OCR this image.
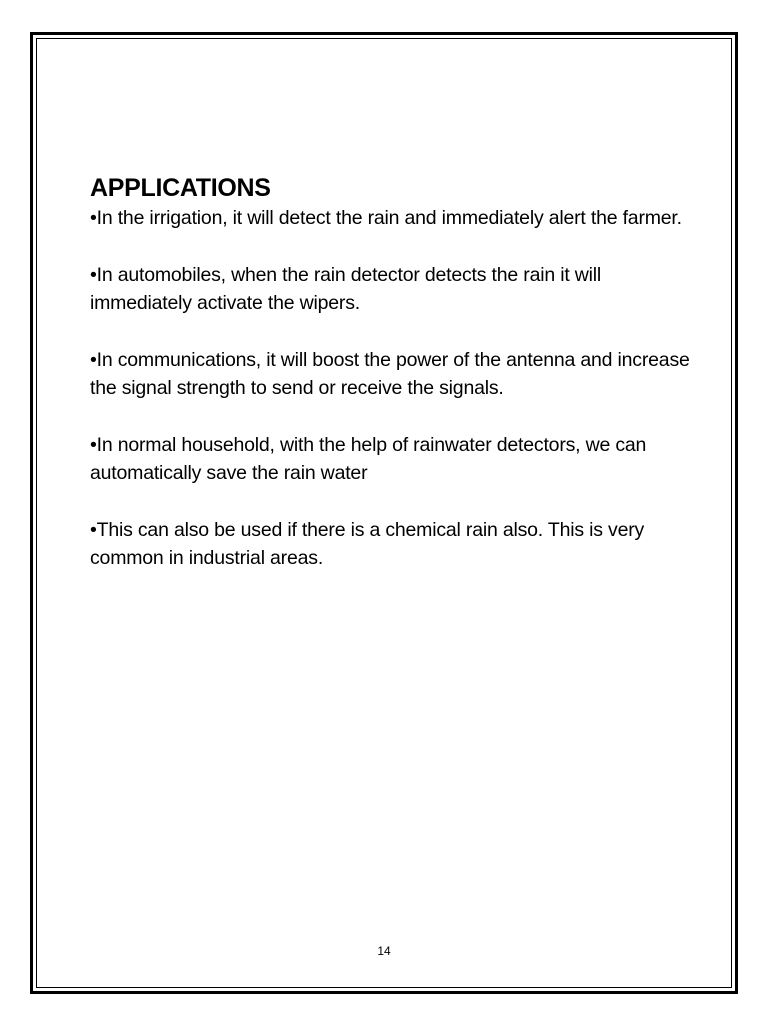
APPLICATIONS

•In the irrigation, it will detect the rain and immediately alert the farmer.

•In automobiles, when the rain detector detects the rain it will immediately activate the wipers.

•In communications, it will boost the power of the antenna and increase the signal strength to send or receive the signals.

•In normal household, with the help of rainwater detectors, we can automatically save the rain water

•This can also be used if there is a chemical rain also. This is very common in industrial areas.

14
